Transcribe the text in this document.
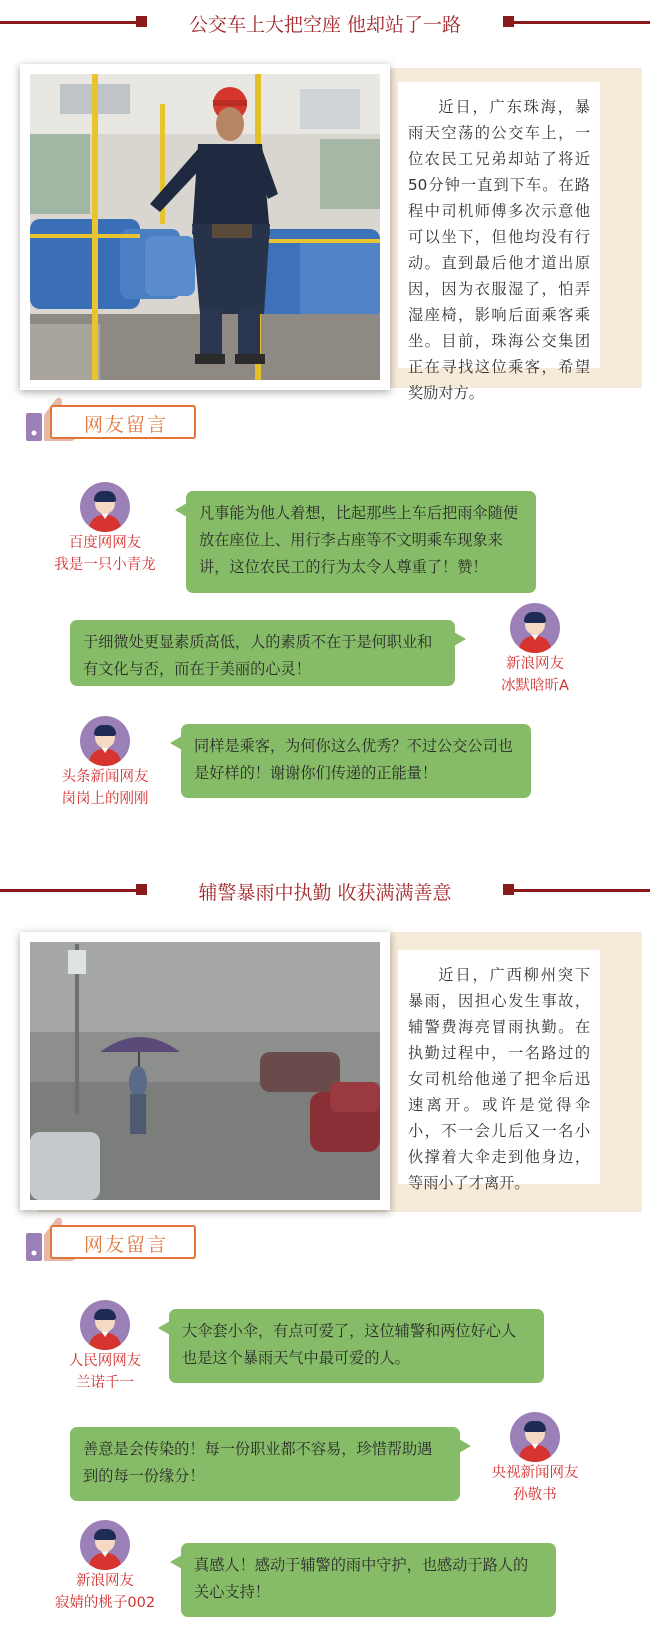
公交车上大把空座 他却站了一路
近日，广东珠海，暴雨天空荡的公交车上，一位农民工兄弟却站了将近50分钟一直到下车。在路程中司机师傅多次示意他可以坐下，但他均没有行动。直到最后他才道出原因，因为衣服湿了，怕弄湿座椅，影响后面乘客乘坐。目前，珠海公交集团正在寻找这位乘客，希望奖励对方。
网友留言
百度网网友
我是一只小青龙
凡事能为他人着想，比起那些上车后把雨伞随便放在座位上、用行李占座等不文明乘车现象来讲，这位农民工的行为太令人尊重了！赞！
于细微处更显素质高低，人的素质不在于是何职业和有文化与否，而在于美丽的心灵！	新浪网友
冰默晗昕A
头条新闻网友
岗岗上的刚刚
同样是乘客，为何你这么优秀？不过公交公司也是好样的！谢谢你们传递的正能量！
辅警暴雨中执勤 收获满满善意
近日，广西柳州突下暴雨，因担心发生事故，辅警费海亮冒雨执勤。在执勤过程中，一名路过的女司机给他递了把伞后迅速离开。或许是觉得伞小，不一会儿后又一名小伙撑着大伞走到他身边，等雨小了才离开。
网友留言
人民网网友
兰诺千一
大伞套小伞，有点可爱了，这位辅警和两位好心人也是这个暴雨天气中最可爱的人。
善意是会传染的！每一份职业都不容易，珍惜帮助遇到的每一份缘分！	央视新闻网友
孙敬书
新浪网友
寂婧的桃子002
真感人！感动于辅警的雨中守护，也感动于路人的关心支持！
